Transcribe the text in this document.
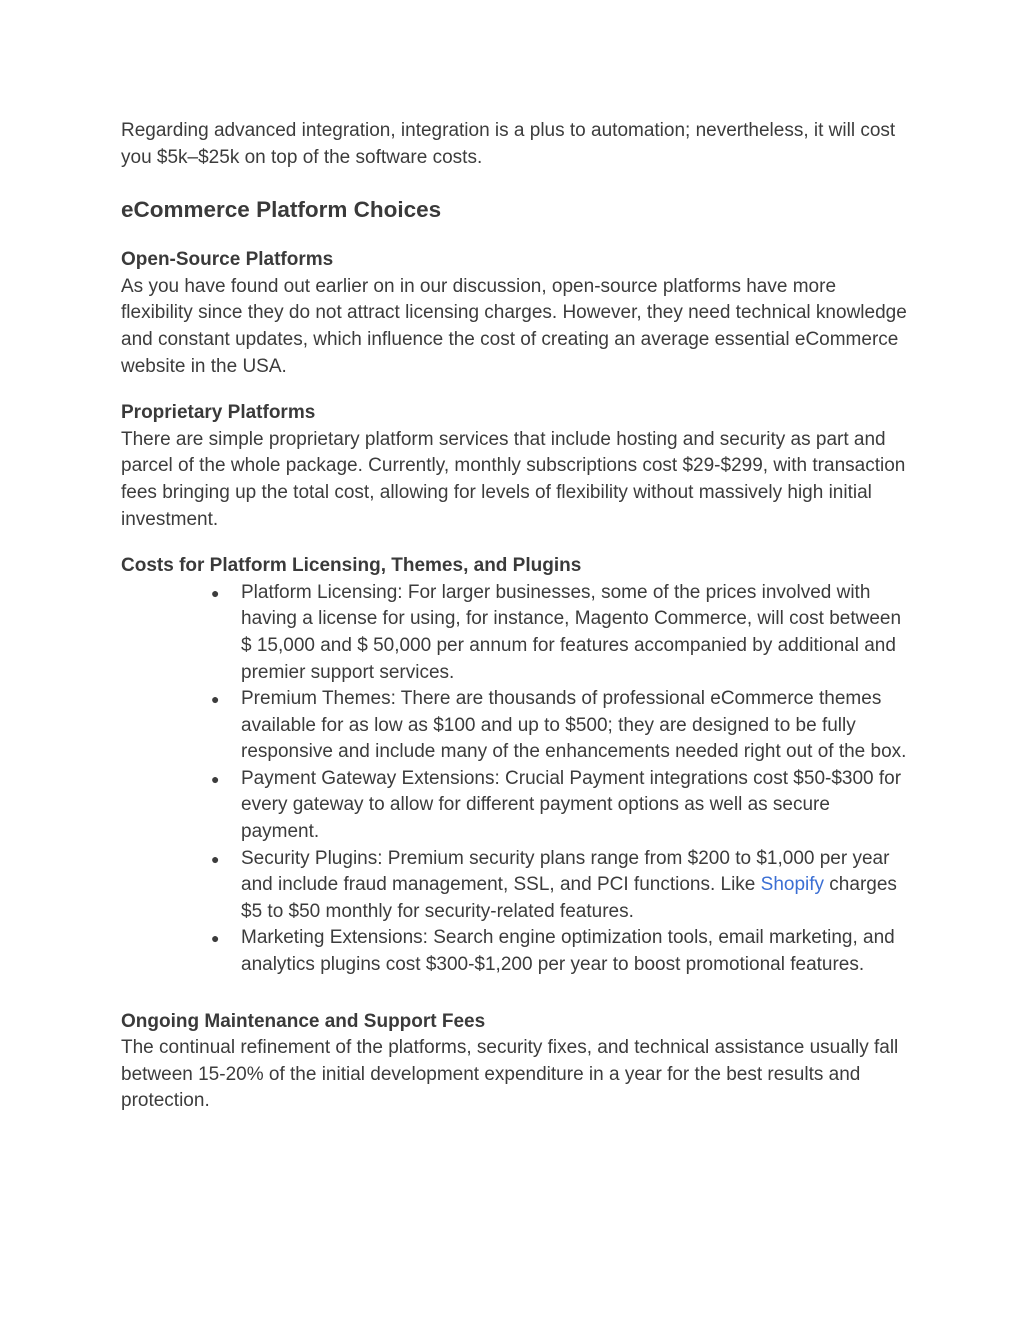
Regarding advanced integration, integration is a plus to automation; nevertheless, it will cost you $5k–$25k on top of the software costs.

eCommerce Platform Choices
Open-Source Platforms

As you have found out earlier on in our discussion, open-source platforms have more flexibility since they do not attract licensing charges. However, they need technical knowledge and constant updates, which influence the cost of creating an average essential eCommerce website in the USA.

Proprietary Platforms

There are simple proprietary platform services that include hosting and security as part and parcel of the whole package. Currently, monthly subscriptions cost $29-$299, with transaction fees bringing up the total cost, allowing for levels of flexibility without massively high initial investment.

Costs for Platform Licensing, Themes, and Plugins
● Platform Licensing: For larger businesses, some of the prices involved with having a license for using, for instance, Magento Commerce, will cost between $ 15,000 and $ 50,000 per annum for features accompanied by additional and premier support services.
● Premium Themes: There are thousands of professional eCommerce themes available for as low as $100 and up to $500; they are designed to be fully responsive and include many of the enhancements needed right out of the box.
● Payment Gateway Extensions: Crucial Payment integrations cost $50-$300 for every gateway to allow for different payment options as well as secure payment.
● Security Plugins: Premium security plans range from $200 to $1,000 per year and include fraud management, SSL, and PCI functions. Like Shopify charges $5 to $50 monthly for security-related features.
● Marketing Extensions: Search engine optimization tools, email marketing, and analytics plugins cost $300-$1,200 per year to boost promotional features.
Ongoing Maintenance and Support Fees

The continual refinement of the platforms, security fixes, and technical assistance usually fall between 15-20% of the initial development expenditure in a year for the best results and protection.
